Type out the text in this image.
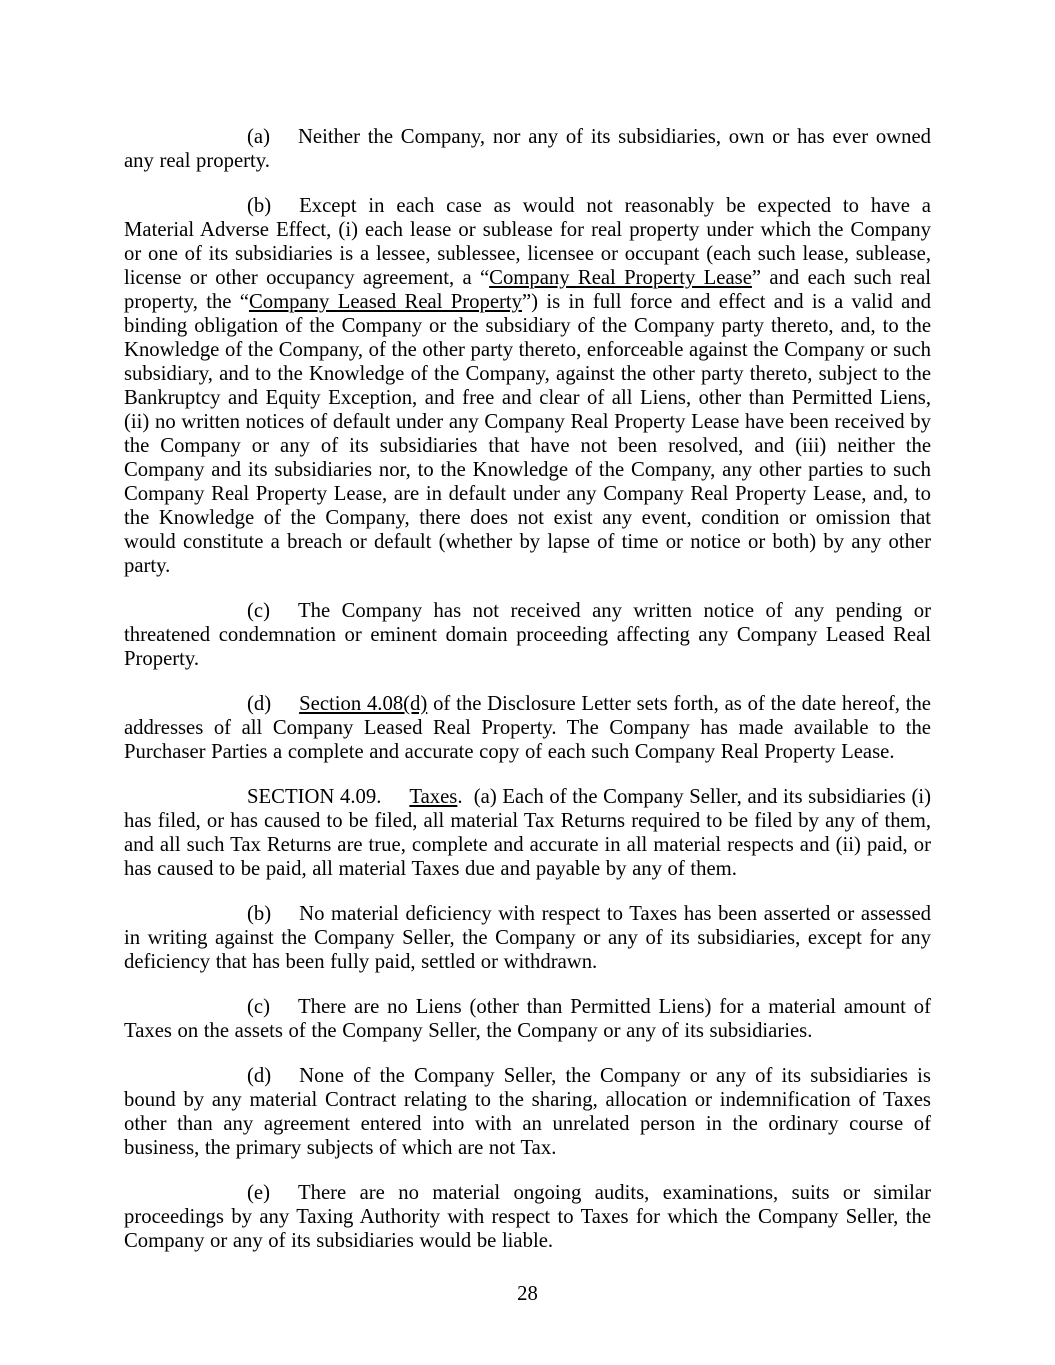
(a) Neither the Company, nor any of its subsidiaries, own or has ever owned any real property.

(b) Except in each case as would not reasonably be expected to have a Material Adverse Effect, (i) each lease or sublease for real property under which the Company or one of its subsidiaries is a lessee, sublessee, licensee or occupant (each such lease, sublease, license or other occupancy agreement, a “Company Real Property Lease” and each such real property, the “Company Leased Real Property”) is in full force and effect and is a valid and binding obligation of the Company or the subsidiary of the Company party thereto, and, to the Knowledge of the Company, of the other party thereto, enforceable against the Company or such subsidiary, and to the Knowledge of the Company, against the other party thereto, subject to the Bankruptcy and Equity Exception, and free and clear of all Liens, other than Permitted Liens, (ii) no written notices of default under any Company Real Property Lease have been received by the Company or any of its subsidiaries that have not been resolved, and (iii) neither the Company and its subsidiaries nor, to the Knowledge of the Company, any other parties to such Company Real Property Lease, are in default under any Company Real Property Lease, and, to the Knowledge of the Company, there does not exist any event, condition or omission that would constitute a breach or default (whether by lapse of time or notice or both) by any other party.

(c) The Company has not received any written notice of any pending or threatened condemnation or eminent domain proceeding affecting any Company Leased Real Property.

(d) Section 4.08(d) of the Disclosure Letter sets forth, as of the date hereof, the addresses of all Company Leased Real Property. The Company has made available to the Purchaser Parties a complete and accurate copy of each such Company Real Property Lease.

SECTION 4.09. Taxes.  (a) Each of the Company Seller, and its subsidiaries (i) has filed, or has caused to be filed, all material Tax Returns required to be filed by any of them, and all such Tax Returns are true, complete and accurate in all material respects and (ii) paid, or has caused to be paid, all material Taxes due and payable by any of them.

(b) No material deficiency with respect to Taxes has been asserted or assessed in writing against the Company Seller, the Company or any of its subsidiaries, except for any deficiency that has been fully paid, settled or withdrawn.

(c) There are no Liens (other than Permitted Liens) for a material amount of Taxes on the assets of the Company Seller, the Company or any of its subsidiaries.

(d) None of the Company Seller, the Company or any of its subsidiaries is bound by any material Contract relating to the sharing, allocation or indemnification of Taxes other than any agreement entered into with an unrelated person in the ordinary course of business, the primary subjects of which are not Tax.

(e) There are no material ongoing audits, examinations, suits or similar proceedings by any Taxing Authority with respect to Taxes for which the Company Seller, the Company or any of its subsidiaries would be liable.

28
